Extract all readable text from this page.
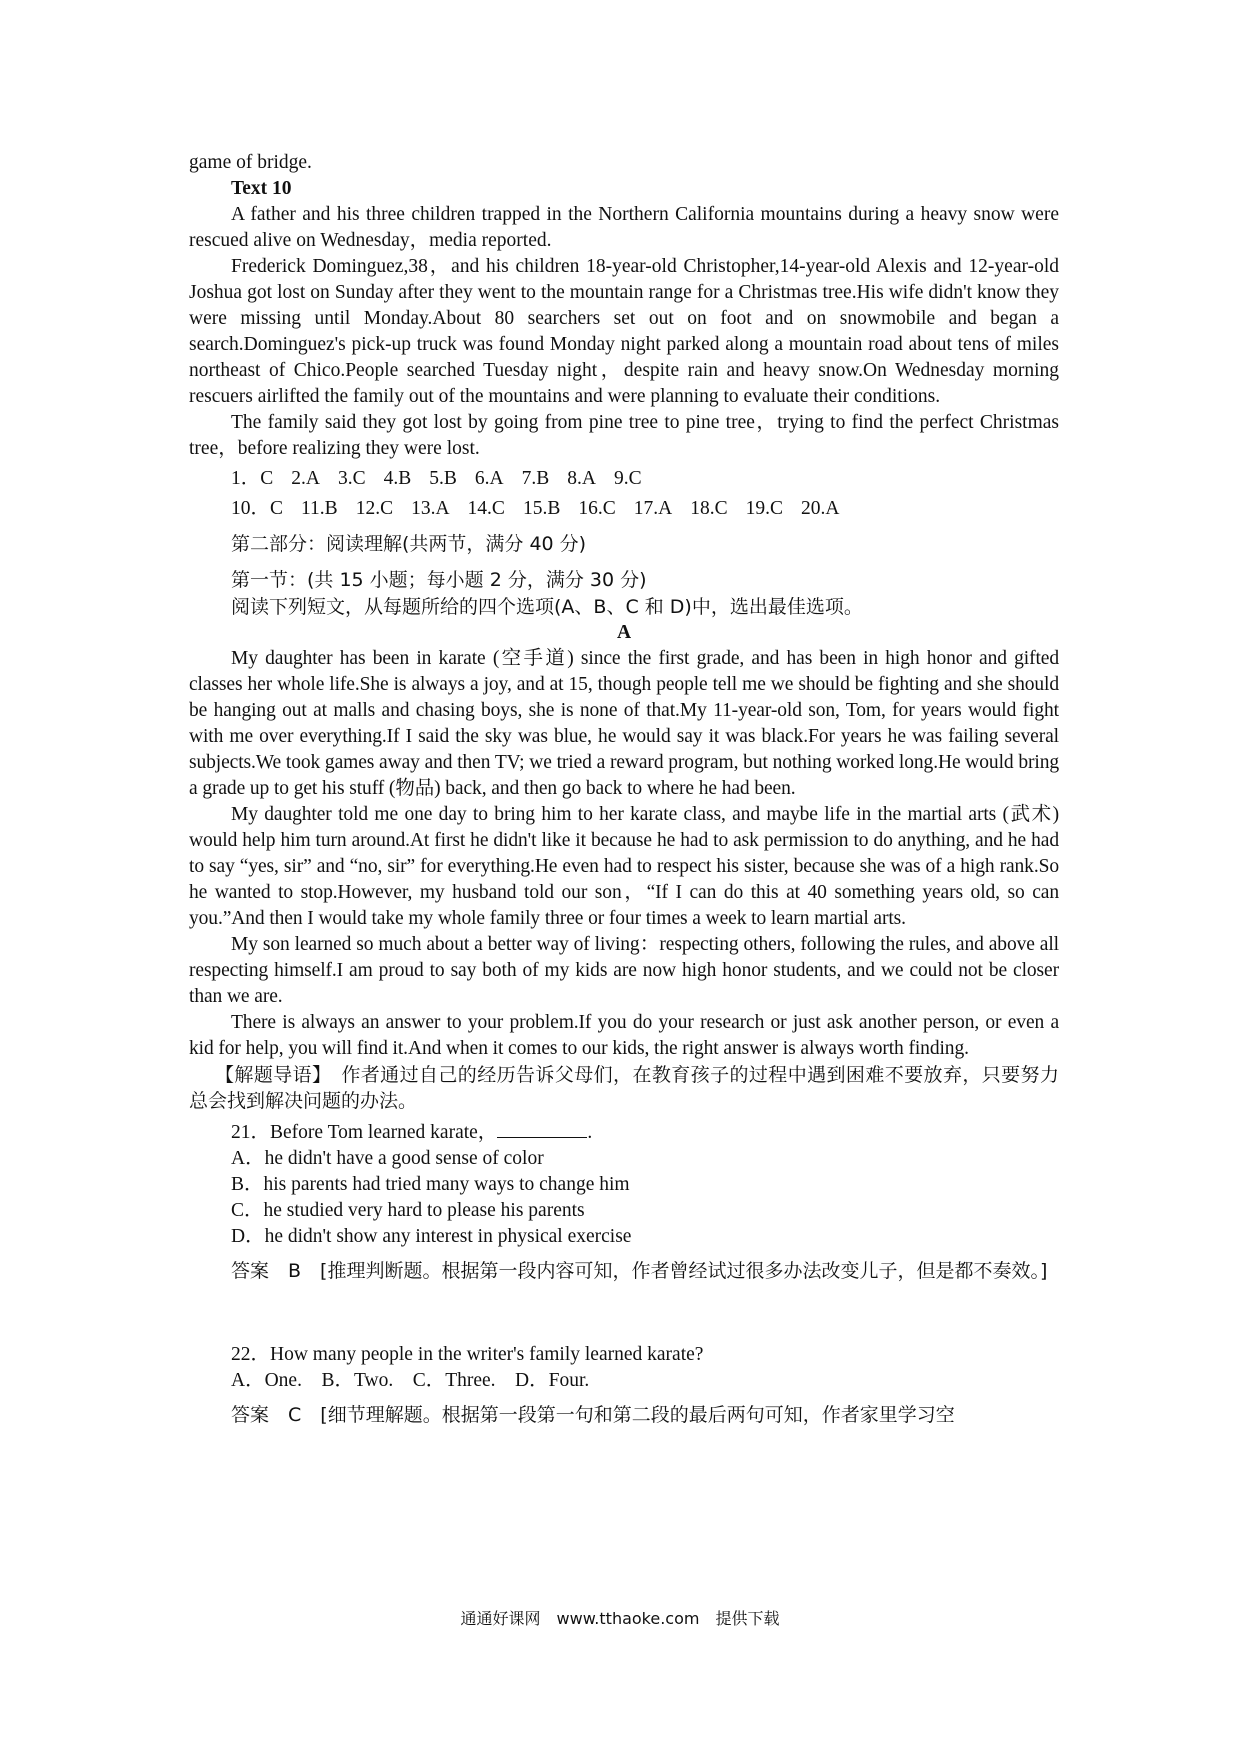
game of bridge.

Text 10

A father and his three children trapped in the Northern California mountains during a heavy snow were rescued alive on Wednesday，media reported.

Frederick Dominguez,38，and his children 18-year-old Christopher,14-year-old Alexis and 12-year-old Joshua got lost on Sunday after they went to the mountain range for a Christmas tree.His wife didn't know they were missing until Monday.About 80 searchers set out on foot and on snowmobile and began a search.Dominguez's pick-up truck was found Monday night parked along a mountain road about tens of miles northeast of Chico.People searched Tuesday night，despite rain and heavy snow.On Wednesday morning rescuers airlifted the family out of the mountains and were planning to evaluate their conditions.

The family said they got lost by going from pine tree to pine tree，trying to find the perfect Christmas tree，before realizing they were lost.

1．C 2.A 3.C 4.B 5.B 6.A 7.B 8.A 9.C

10．C 11.B 12.C 13.A 14.C 15.B 16.C 17.A 18.C 19.C 20.A

第二部分：阅读理解(共两节，满分 40 分)

第一节：(共 15 小题；每小题 2 分，满分 30 分)

阅读下列短文，从每题所给的四个选项(A、B、C 和 D)中，选出最佳选项。

A

My daughter has been in karate (空手道) since the first grade, and has been in high honor and gifted classes her whole life.She is always a joy, and at 15, though people tell me we should be fighting and she should be hanging out at malls and chasing boys, she is none of that.My 11-year-old son, Tom, for years would fight with me over everything.If I said the sky was blue, he would say it was black.For years he was failing several subjects.We took games away and then TV; we tried a reward program, but nothing worked long.He would bring a grade up to get his stuff (物品) back, and then go back to where he had been.

My daughter told me one day to bring him to her karate class, and maybe life in the martial arts (武术) would help him turn around.At first he didn't like it because he had to ask permission to do anything, and he had to say “yes, sir” and “no, sir” for everything.He even had to respect his sister, because she was of a high rank.So he wanted to stop.However, my husband told our son，“If I can do this at 40 something years old, so can you.”And then I would take my whole family three or four times a week to learn martial arts.

My son learned so much about a better way of living：respecting others, following the rules, and above all respecting himself.I am proud to say both of my kids are now high honor students, and we could not be closer than we are.

There is always an answer to your problem.If you do your research or just ask another person, or even a kid for help, you will find it.And when it comes to our kids, the right answer is always worth finding.

【解题导语】　作者通过自己的经历告诉父母们，在教育孩子的过程中遇到困难不要放弃，只要努力总会找到解决问题的办法。

21．Before Tom learned karate，	.

A．he didn't have a good sense of color

B．his parents had tried many ways to change him

C．he studied very hard to please his parents

D．he didn't show any interest in physical exercise

答案　B　[推理判断题。根据第一段内容可知，作者曾经试过很多办法改变儿子，但是都不奏效。]

22．How many people in the writer's family learned karate?

A．One.　B．Two.　C．Three.　D．Four.

答案　C　[细节理解题。根据第一段第一句和第二段的最后两句可知，作者家里学习空

通通好课网　www.tthaoke.com　提供下载
